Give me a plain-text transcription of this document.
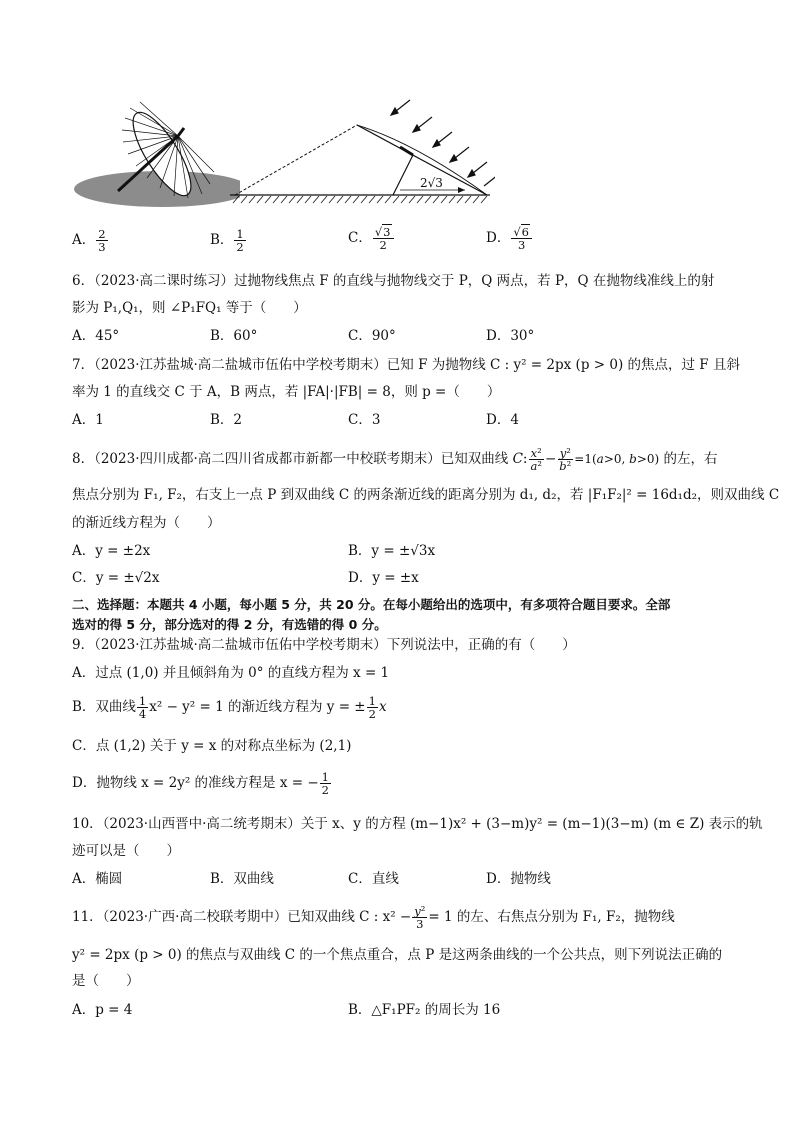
2√3
A． $\frac{2}{3}$	B． $\frac{1}{2}$	C． $\frac{√3}{2}$	D． $\frac{√6}{3}$
6．（2023·高二课时练习）过抛物线焦点 F 的直线与抛物线交于 P，Q 两点，若 P，Q 在抛物线准线上的射
影为 P₁,Q₁，则 ∠P₁FQ₁ 等于（　　）
A．45°	B．60°	C．90°	D．30°
7．（2023·江苏盐城·高二盐城市伍佑中学校考期末）已知 F 为抛物线 C : y² = 2px (p > 0) 的焦点，过 F 且斜
率为 1 的直线交 C 于 A，B 两点，若 |FA|·|FB| = 8，则 p =（　　）
A．1	B．2	C．3	D．4
8．（2023·四川成都·高二四川省成都市新都一中校联考期末）已知双曲线 C: $\frac{\text{x²}}{\text{a²}} - \frac{\text{y²}}{\text{b²}} =1(a>0$, b>0) 的左，右
焦点分别为 F₁, F₂，右支上一点 P 到双曲线 C 的两条渐近线的距离分别为 d₁, d₂，若 |F₁F₂|² = 16d₁d₂，则双曲线 C
的渐近线方程为（　　）
A．y = ±2x	B．y = ±√3x
C．y = ±√2x	D．y = ±x
二、选择题：本题共 4 小题，每小题 5 分，共 20 分。在每小题给出的选项中，有多项符合题目要求。全部
选对的得 5 分，部分选对的得 2 分，有选错的得 0 分。
9．（2023·江苏盐城·高二盐城市伍佑中学校考期末）下列说法中，正确的有（　　）
A．过点 (1,0) 并且倾斜角为 0° 的直线方程为 x = 1
B．双曲线 $\frac{1}{4} x^2 - y^2 = 1$ 的渐近线方程为 y = ± $\frac{1}{2}$ x
C．点 (1,2) 关于 y = x 的对称点坐标为 (2,1)
D．抛物线 x = 2y² 的准线方程是 x = − $\frac{1}{2}$
10．（2023·山西晋中·高二统考期末）关于 x、y 的方程 (m−1)x² + (3−m)y² = (m−1)(3−m) (m ∈ Z) 表示的轨
迹可以是（　　）
A．椭圆	B．双曲线	C．直线	D．抛物线
11．（2023·广西·高二校联考期中）已知双曲线 C : $x^2 - \frac{\text{y²}}{3} = 1$ 的左、右焦点分别为 F₁, F₂，抛物线
y² = 2px (p > 0) 的焦点与双曲线 C 的一个焦点重合，点 P 是这两条曲线的一个公共点，则下列说法正确的
是（　　）
A．p = 4	B．△F₁PF₂ 的周长为 16
